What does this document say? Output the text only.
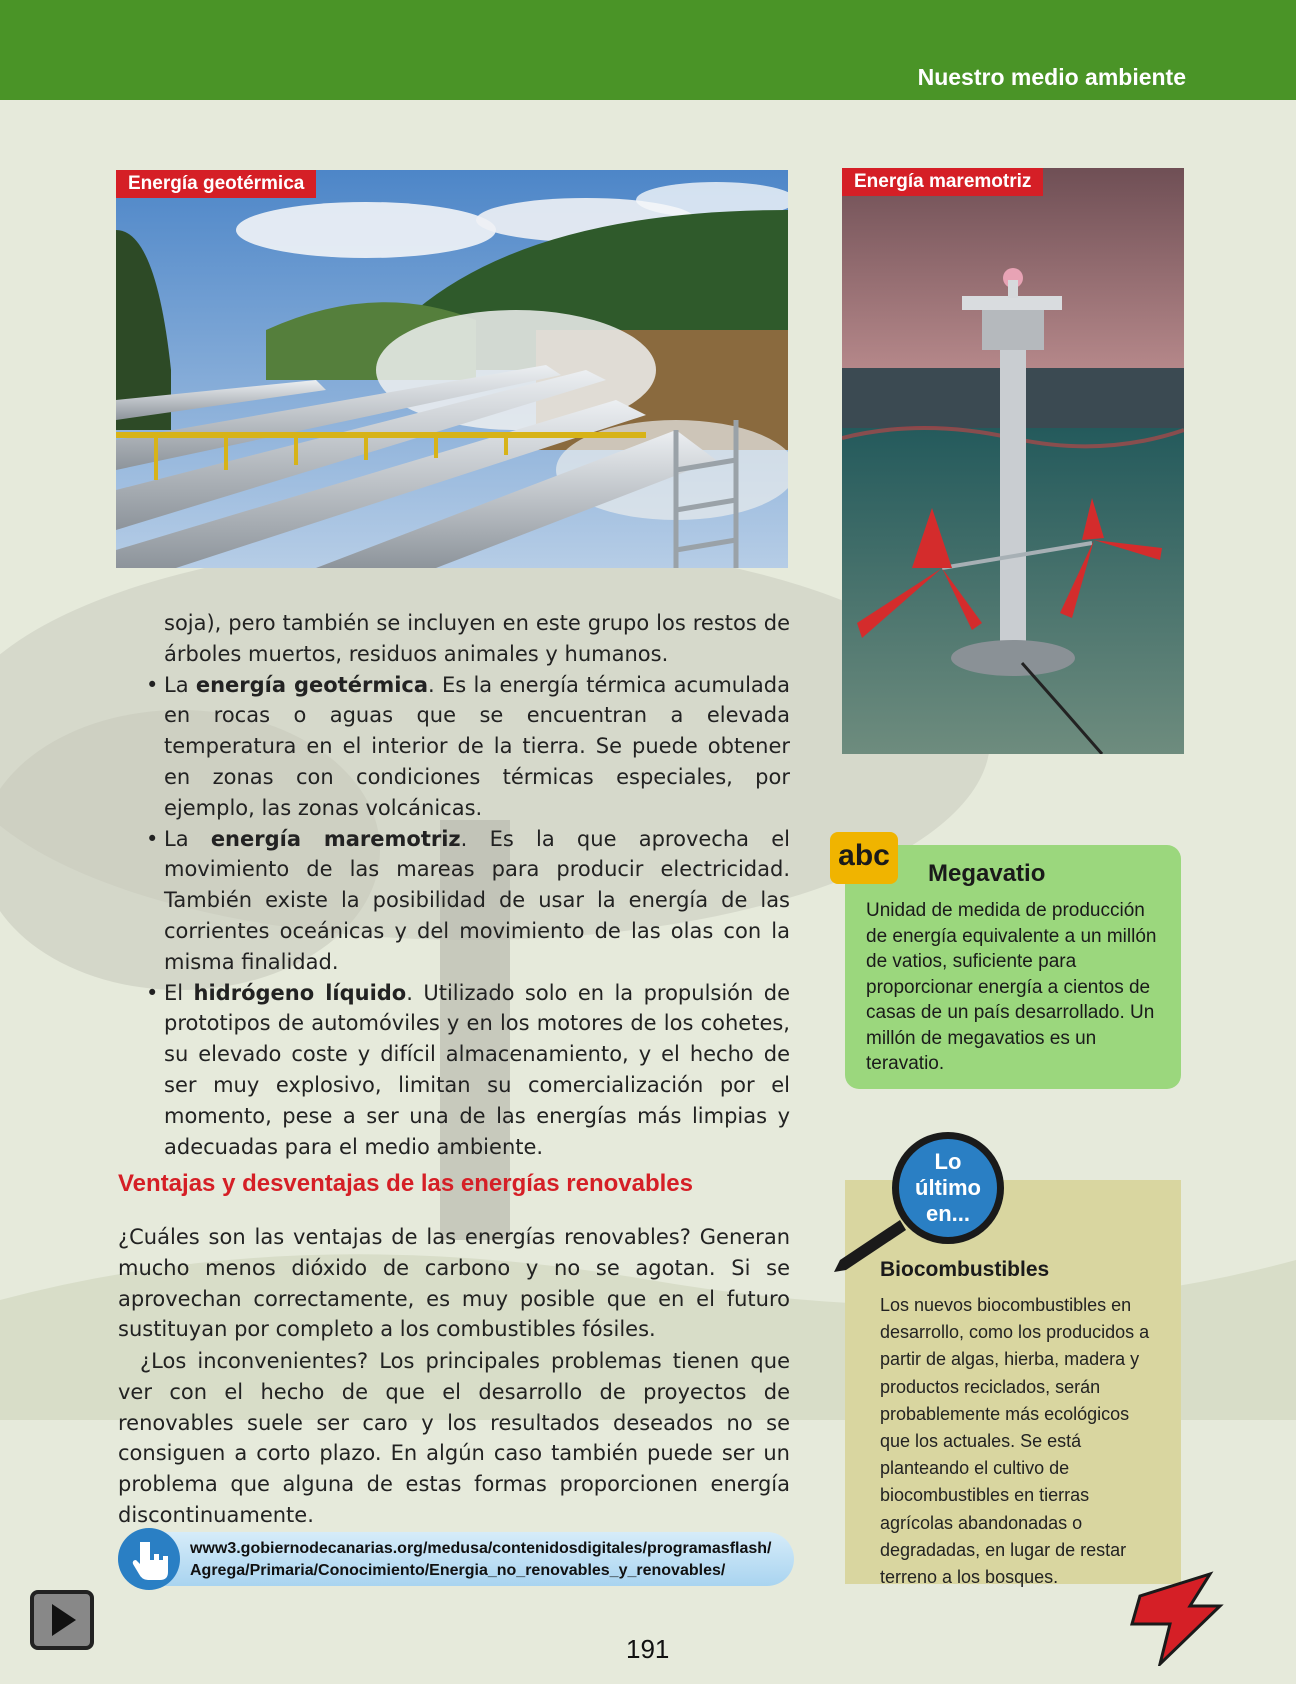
Nuestro medio ambiente
Energía geotérmica	Energía maremotriz

soja), pero también se incluyen en este grupo los restos de árboles muertos, residuos animales y humanos.

• La energía geotérmica. Es la energía térmica acumulada en rocas o aguas que se encuentran a elevada temperatura en el interior de la tierra. Se puede obtener en zonas con condiciones térmicas especiales, por ejemplo, las zonas volcánicas.

• La energía maremotriz. Es la que aprovecha el movimiento de las mareas para producir electricidad. También existe la posibilidad de usar la energía de las corrientes oceánicas y del movimiento de las olas con la misma finalidad.

• El hidrógeno líquido. Utilizado solo en la propulsión de prototipos de automóviles y en los motores de los cohetes, su elevado coste y difícil almacenamiento, y el hecho de ser muy explosivo, limitan su comercialización por el momento, pese a ser una de las energías más limpias y adecuadas para el medio ambiente.

Ventajas y desventajas de las energías renovables
¿Cuáles son las ventajas de las energías renovables? Generan mucho menos dióxido de carbono y no se agotan. Si se aprovechan correctamente, es muy posible que en el futuro sustituyan por completo a los combustibles fósiles.
¿Los inconvenientes? Los principales problemas tienen que ver con el hecho de que el desarrollo de proyectos de renovables suele ser caro y los resultados deseados no se consiguen a corto plazo. En algún caso también puede ser un problema que alguna de estas formas proporcionen energía discontinuamente.
www3.gobiernodecanarias.org/medusa/contenidosdigitales/programasflash/
Agrega/Primaria/Conocimiento/Energia_no_renovables_y_renovables/
abc
Megavatio
Unidad de medida de producción de energía equivalente a un millón de vatios, suficiente para proporcionar energía a cientos de casas de un país desarrollado. Un millón de megavatios es un teravatio.
Lo
último
en...
Biocombustibles
Los nuevos biocombustibles en desarrollo, como los producidos a partir de algas, hierba, madera y productos reciclados, serán probablemente más ecológicos que los actuales. Se está planteando el cultivo de biocombustibles en tierras agrícolas abandonadas o degradadas, en lugar de restar terreno a los bosques.
191
